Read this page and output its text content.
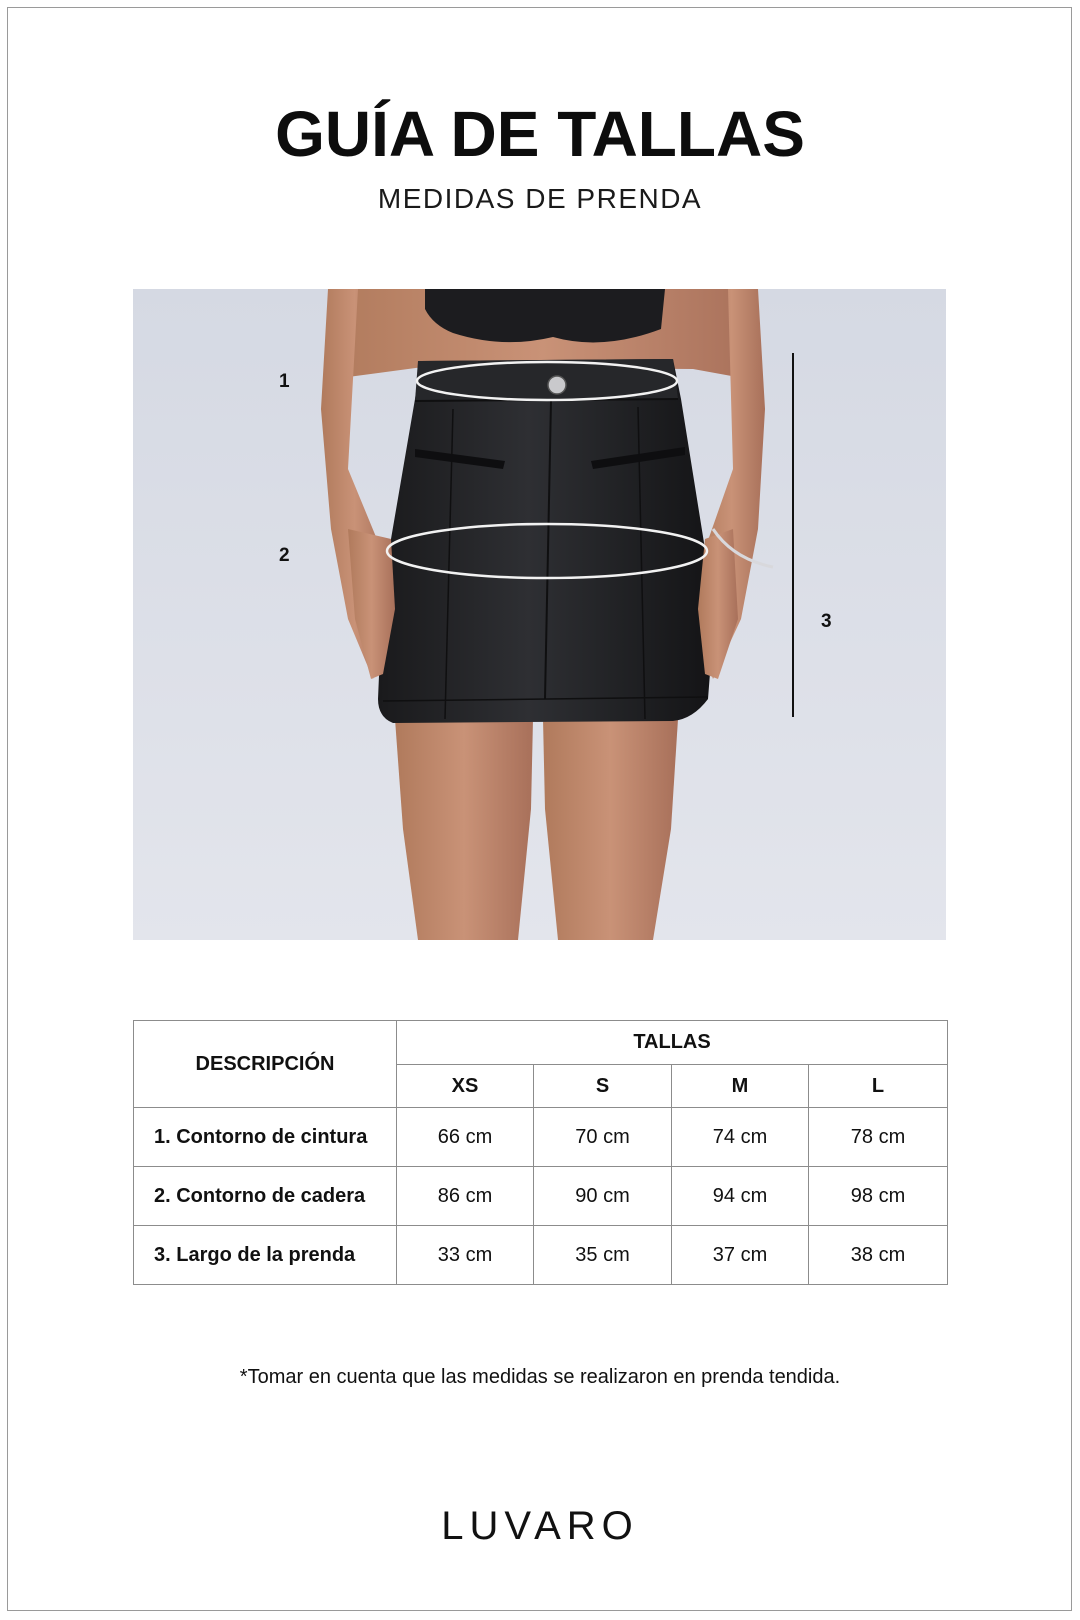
GUÍA DE TALLAS
MEDIDAS DE PRENDA
1
2
3
DESCRIPCIÓN	TALLAS			
	XS	S	M	L
1. Contorno de cintura	66 cm	70 cm	74 cm	78 cm
2. Contorno de cadera	86 cm	90 cm	94 cm	98 cm
3. Largo de la prenda	33 cm	35 cm	37 cm	38 cm
*Tomar en cuenta que las medidas se realizaron en prenda tendida.
LUVARO
